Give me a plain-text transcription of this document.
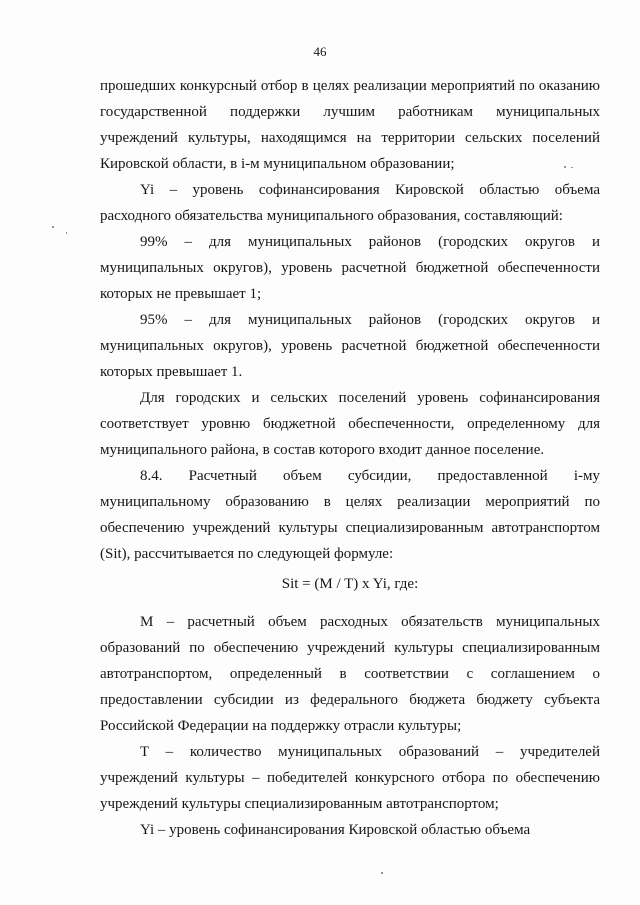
46

прошедших конкурсный отбор в целях реализации мероприятий по оказанию государственной поддержки лучшим работникам муниципальных учреждений культуры, находящимся на территории сельских поселений Кировской области, в i-м муниципальном образовании;

Yi – уровень софинансирования Кировской областью объема расходного обязательства муниципального образования, составляющий:

99% – для муниципальных районов (городских округов и муниципальных округов), уровень расчетной бюджетной обеспеченности которых не превышает 1;

95% – для муниципальных районов (городских округов и муниципальных округов), уровень расчетной бюджетной обеспеченности которых превышает 1.

Для городских и сельских поселений уровень софинансирования соответствует уровню бюджетной обеспеченности, определенному для муниципального района, в состав которого входит данное поселение.

8.4. Расчетный объем субсидии, предоставленной i-му муниципальному образованию в целях реализации мероприятий по обеспечению учреждений культуры специализированным автотранспортом (Sit), рассчитывается по следующей формуле:

Sit = (M / T) x Yi, где:

M – расчетный объем расходных обязательств муниципальных образований по обеспечению учреждений культуры специализированным автотранспортом, определенный в соответствии с соглашением о предоставлении субсидии из федерального бюджета бюджету субъекта Российской Федерации на поддержку отрасли культуры;

T – количество муниципальных образований – учредителей учреждений культуры – победителей конкурсного отбора по обеспечению учреждений культуры специализированным автотранспортом;

Yi – уровень софинансирования Кировской областью объема
